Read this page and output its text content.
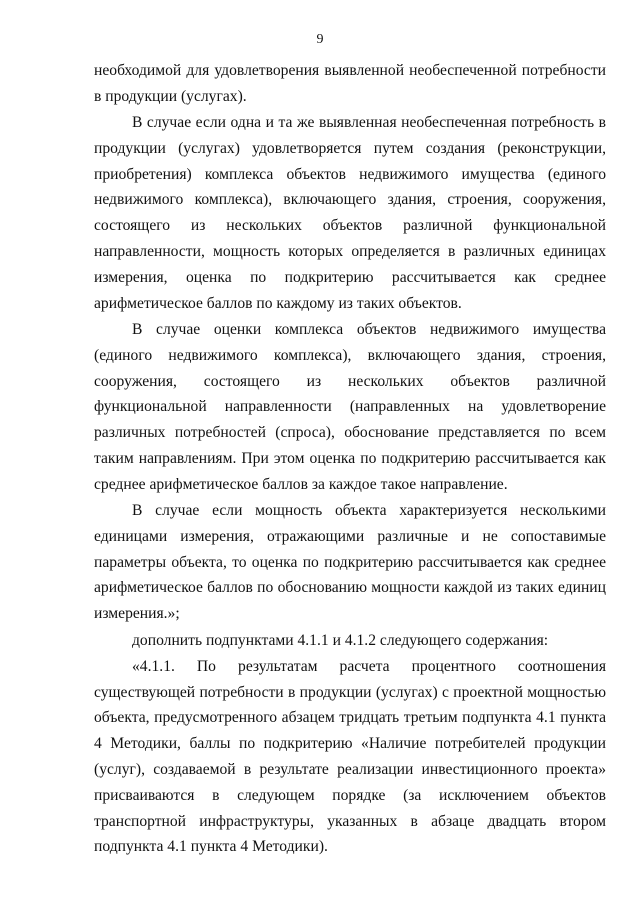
9

необходимой для удовлетворения выявленной необеспеченной потребности в продукции (услугах).

В случае если одна и та же выявленная необеспеченная потребность в продукции (услугах) удовлетворяется путем создания (реконструкции, приобретения) комплекса объектов недвижимого имущества (единого недвижимого комплекса), включающего здания, строения, сооружения, состоящего из нескольких объектов различной функциональной направленности, мощность которых определяется в различных единицах измерения, оценка по подкритерию рассчитывается как среднее арифметическое баллов по каждому из таких объектов.

В случае оценки комплекса объектов недвижимого имущества (единого недвижимого комплекса), включающего здания, строения, сооружения, состоящего из нескольких объектов различной функциональной направленности (направленных на удовлетворение различных потребностей (спроса), обоснование представляется по всем таким направлениям. При этом оценка по подкритерию рассчитывается как среднее арифметическое баллов за каждое такое направление.

В случае если мощность объекта характеризуется несколькими единицами измерения, отражающими различные и не сопоставимые параметры объекта, то оценка по подкритерию рассчитывается как среднее арифметическое баллов по обоснованию мощности каждой из таких единиц измерения.»;

дополнить подпунктами 4.1.1 и 4.1.2 следующего содержания:

«4.1.1. По результатам расчета процентного соотношения существующей потребности в продукции (услугах) с проектной мощностью объекта, предусмотренного абзацем тридцать третьим подпункта 4.1 пункта 4 Методики, баллы по подкритерию «Наличие потребителей продукции (услуг), создаваемой в результате реализации инвестиционного проекта» присваиваются в следующем порядке (за исключением объектов транспортной инфраструктуры, указанных в абзаце двадцать втором подпункта 4.1 пункта 4 Методики).
